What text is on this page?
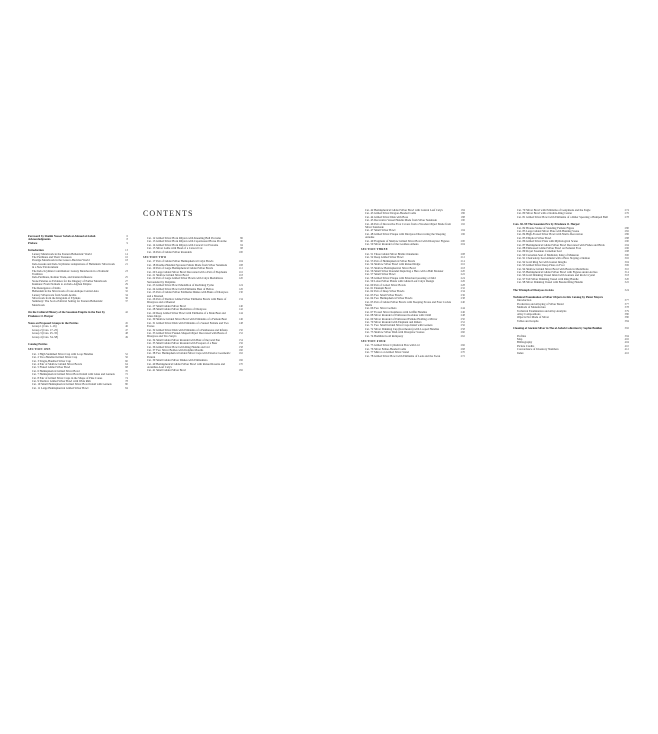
CONTENTS
Foreword by Sheikh Nasser Sabah al-Ahmad al-Sabah	6
Acknowledgments	8
Preface	9
Introduction	13
Luxury Metalwork in the Eastern Hellenistic World	14
The Parthians and Their Treasures	16
Prestige Metalwork in the Graeco-Bactrian World	18
Indo-Greeks and Indo-Scythians: Adaptations of Hellenistic Silverwork in a New Environment
21
The Indo-Scythian Contribution: Luxury Metalwork in a Nomadic Tradition
23
Indo-Parthians, Roman Trade, and Iranian Influence	25
Stone Palettes as Evidence for the Imagery of Earlier Metalwork	27
Kushans: From Nomads to an Indo-Afghan Empire	29
The Resurgence of India	30
Hellenism in the Silverwork of Late Antique Central Asia	32
Luxury Silverwork from South Arabia	34
Silverwork from the Kingdom of Elymais	36
Summary: The Socio-Political Setting for Eastern Hellenistic Metalwork
37
On the Cultural History of the Sasanian Empire in the East by Prudence O. Harper
42
Notes on Proposed Groups in the Entries	45
Group 1 (Cats. 1–16)	46
Group 2 (Cats. 17–25)	47
Group 3 (Cats. 25–35)	48
Group 4 (Cats. 54–58)	49
Catalog Entries
SECTION ONE
Cat. 1 High Stemmed Silver Cup with Loop Handles	52
Cat. 2 Two-Handled Gilded Silver Cup	56
Cat. 3 Single-Handled Silver Cup	60
Cat. 4 Pair of Shallow Gilded Silver Bowls	64
Cat. 5 Fluted Gilded Silver Bowl	68
Cat. 6 Hemispherical Gilded Silver Bowl	70
Cat. 7 Hemispherical Gilded Silver Bowl Inlaid with Glass and Garnets	72
Cat. 8 Pair of Gilded Silver Cups in the Shape of Pine Cones	74
Cat. 9 Shallow Gilded Silver Bowl with Wide Rim	78
Cat. 10 Small Hemispherical Gilded Silver Bowl Inlaid with Garnets	80
Cat. 11 Large Hemispherical Gilded Silver Bowl	84
Cat. 12 Gilded Silver Horn Rhyton with Kneeling Bull Protome	86
Cat. 13 Gilded Silver Horn Rhyton with Caparisoned Horse Protome	90
Cat. 14 Gilded Silver Horn Rhyton with Caracal Cat Protome	94
Cat. 15 Silver Ladle with Head of a Caracal Cat	98
Cat. 16 Pair of Gilded Silver Roundels	100
SECTION TWO
Cat. 17 Pair of Gilded Silver Hemispherical Calyx Bowls	104
Cat. 18 Double-Handled Sprouted Situla Made from Silver Sunshade	108
Cat. 19 Pair of Large Hemispherical Gilded Silver Bowls	112
Cat. 20 Large Gilded Silver Bowl Decorated with a Pair of Elephants	116
Cat. 21 Shallow Gilded Silver Bowl	118
Cat. 22 Pair of Large Gilded Silver Bowls with Calyx Medallions Surrounded by Dolphins
120
Cat. 23 Gilded Silver Bowl Medallion of Reclining Tyche	124
Cat. 24 Gilded Silver Bowl with Emblema Bust of Helios	126
Cat. 25 Pair of Gilded Silver Emblema Dishes with Busts of Dionysos and a Maenad
130
Cat. 26 Pair of Shallow Gilded Silver Emblema Bowls with Busts of Dionysos and a Maenad
134
Cat. 27 Small Gilded Silver Bowl	140
Cat. 28 Small Gilded Silver Medallion of Dionysos	142
Cat. 29 Deep Gilded Silver Bowl with Emblema of a Male Bust and Glass Inlays
144
Cat. 30 Shallow Gilded Silver Bowl with Emblema of a Female Bust	146
Cat. 31 Gilded Silver Dish with Emblema of a Seated Female and Two Erotes
148
Cat. 32 Gilded Silver Dish with Emblema of a Panthereus and Infants	150
Cat. 33 Gilded Silver Funnel-Shaped Object Decorated with Busts of Dionysos and Two Satyrs
152
Cat. 34 Small Gilded Silver Roundel with Bust of the Grid Pan	154
Cat. 35 Small Gilded Silver Roundel with Forepart of a Bear	156
Cat. 36 Gilded Silver Bowl with Ring Handle and Lid	158
Cat. 37 Two Silver Bottles with Dolphin Mouths	160
Cat. 38 Two Hemispherical Gilded Silver Cups with Exterior Geometric Pattern
162
Cat. 39 Small Gilded Silver Dishes with Emblemata	166
Cat. 40 Hemispherical Gilded Silver Bowl with Raised Rosette and Acanthus-Leaf Calyx
170
Cat. 41 Small Gilded Silver Bowl	182
Cat. 42 Hemispherical Gilded Silver Bowl with Central Leaf Calyx	184
Cat. 43 Gilded Silver Dragon-Headed Ladle	186
Cat. 44 Gilded Silver Disk with Boss	188
Cat. 45 Decorative Vessel Handle Made from Silver Sunshade	190
Cat. 46 Pair of Decorative Foot Covers from a Wooden Object Made from Silver Sunshade
192
Cat. 47 Small Silver Bowl	194
Cat. 48 Gilded Silver Plaque with Dionysos Discovering the Sleeping Ariadne
196
Cat. 49 Fragment of Shallow Gilded Silver Bowl with Dionysiac Figures	200
Cat. 50 Silver Roundel of the Goddess Athena	204
SECTION THREE
Cat. 51 Three Gilded Silver Bridle Ornaments	208
Cat. 52 Deep Gilded Silver Bowl	212
Cat. 53 Pair of Hemispherical Silver Bowls	214
Cat. 54 Shallow Silver Bowl with Raised Ridge	216
Cat. 55 Shallow Hemispherical Silver Bowl	218
Cat. 56 Small Silver Roundel Depicting a Hero with a Bull Monster	220
Cat. 57 Small Silver Bowl	222
Cat. 58 Gilded Silver Plaque with Emaciant Greeting a Child	224
Cat. 59 Lobed Silver Phiale with Gilded Leaf Calyx Design	226
Cat. 60 Pair of Lobed Silver Bowls	228
Cat. 61 Eleutum Bowl	232
Cat. 62 Pair of Deep Silver Bowls	234
Cat. 63 Two Small Silver Bowls	236
Cat. 64 Two Hemispherical Silver Bowls	238
Cat. 65 Pair of Gilded Silver Bowls with Sleeping Erotes and Four Cockle Shells
240
Cat. 66 Two Silver Goblets	244
Cat. 67 Footed Silver Kantharos with Griffin Handles	246
Cat. 68 Silver Roundel of Enthroned Goddess with Child	248
Cat. 69 Silver Roundel of Enthroned Female Holding a Mirror	250
Cat. 70 Silver Roundel with Elephant and Riders	252
Cat. 71 Two Small Gilded Silver Cups Inlaid with Garnets	256
Cat. 72 Silver Drinking Cup (Karchesion) with Looped Handles	258
Cat. 73 Shallow Silver Dish with Dionysiac Scenes	260
Cat. 74 Buddhist Gold Reliquary	262
SECTION FOUR
Cat. 75 Gilded Silver Cylindrical Box with Lid	266
Cat. 76 Silver Feline-Headed Ladle	268
Cat. 77 Mirror on Gilded Silver Stand	270
Cat. 78 Gilded Silver Bowl with Emblema of Leda and the Swan	272
Cat. 79 Silver Bowl with Emblema of Ganymede and the Eagle	274
Cat. 80 Silver Bowl with a Double-Ring Center	276
Cat. 81 Gilded Silver Bowl with Emblema of a Rider Spearing a Humped Bull	278
Cats. 82–99 The Sasanian Era by Prudence O. Harper
Cat. 82 Bronze Statue of Standing Female Figure	280
Cat. 83 Large Gilded Silver Plate with Hunting Scene	282
Cat. 84 High-Footed Silver Bowl with Niello Decoration	286
Cat. 85 Elliptical Silver Bowl	288
Cat. 86 Gilded Silver Plate with Mythological Scene	290
Cat. 87 Hemispherical Gilded Silver Bowl Decorated with Fishes and Birds	294
Cat. 88 Embossed Gilded Silver Bowl on Pedestal Foot	296
Cat. 89 Royal Sasanian Carnelian Seal	298
Cat. 90 Carnelian Seal of Muhidad, King of Makuran	300
Cat. 91 Chalcedony Seal Amulet with a Hero Slaying a Demon	302
Cat. 92 Gold Ring Set with Garnet Intaglio	304
Cat. 93 Gilded Silver Deep Plate on Foot	306
Cat. 94 Shallow Gilded Silver Bowl with Busts in Medallions	310
Cat. 95 Hemispherical Gilded Silver Bowl with Figures under Arches	314
Cat. 96 Gold Drinking Vessel Inlaid with Garnets and Rock Crystal	318
Cat. 97 Tall Silver Drinking Vessel with Ring Handle	320
Cat. 98 Silver Drinking Vessel with Beaded Ring Handle	322
The Triumph of Dionysos in Asia	324
Technical Examination of Silver Objects in this Catalog by Pieter Meyers
Introduction	377
Production and Alloying of Silver Metal	377
Methods of Manufacture	378
Technical Examination and Alloy Analysis	379
Alloy Compositions	380
Objects Not Made of Silver	380
Tables and Graphs	384
Cleaning of Ancient Silver in The al-Sabah Collection by Sophie Budden	392
Profiles	394
Map	402
Bibliography	404
Picture Credits	410
Concordance of Inventory Numbers	412
Index	416
